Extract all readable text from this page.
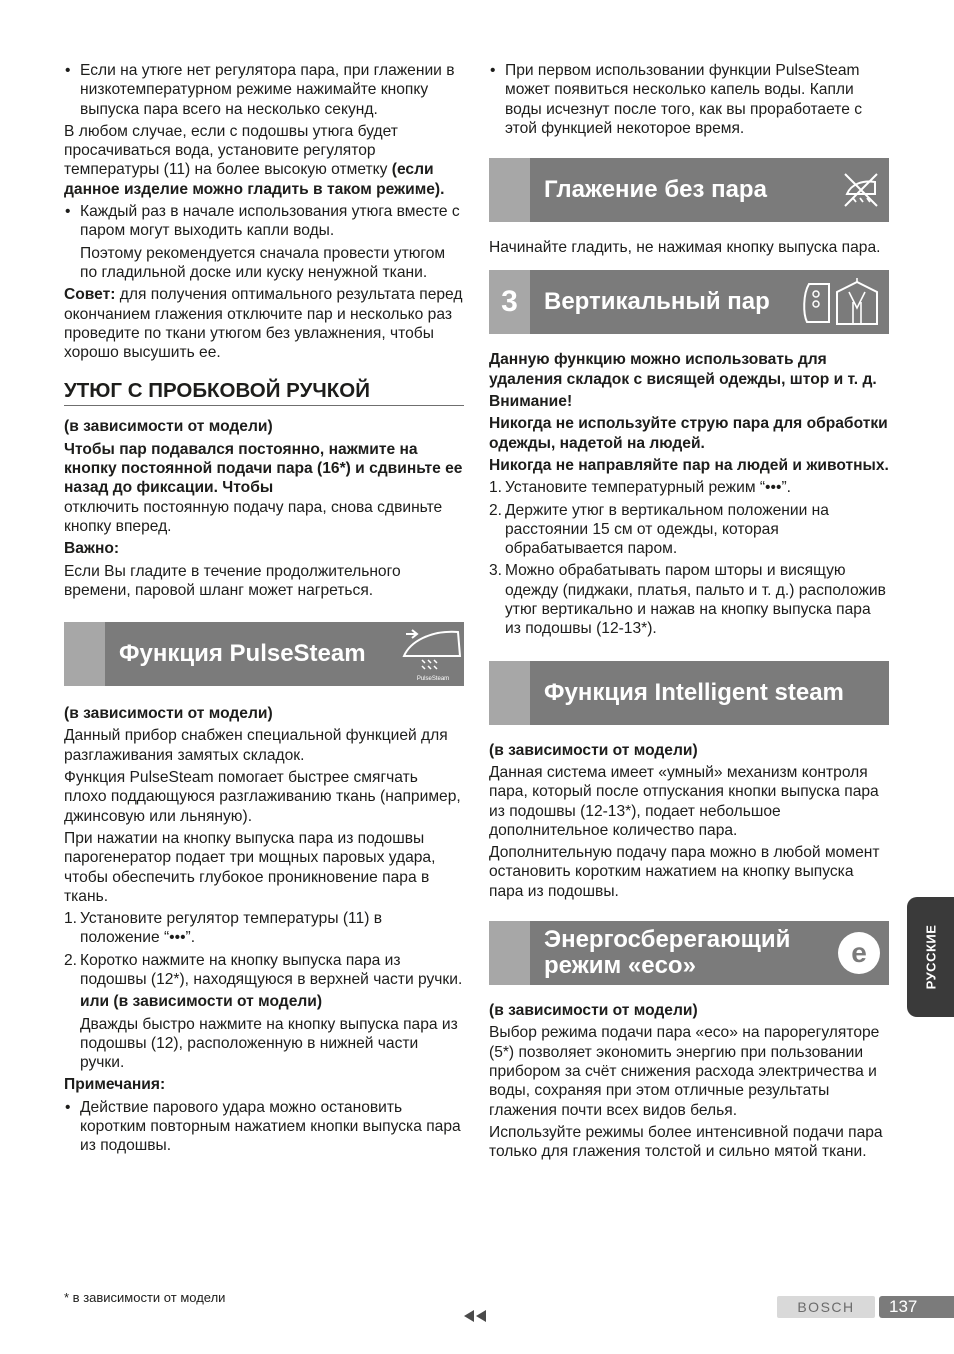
• Если на утюге нет регулятора пара, при глажении в низкотемпературном режиме нажимайте кнопку выпуска пара всего на несколько секунд.

В любом случае, если с подошвы утюга будет просачиваться вода, установите регулятор температуры (11) на более высокую отметку (если данное изделие можно гладить в таком режиме).

• Каждый раз в начале использования утюга вместе с паром могут выходить капли воды.
Поэтому рекомендуется сначала провести утюгом по гладильной доске или куску ненужной ткани.

Совет: для получения оптимального результата перед окончанием глажения отключите пар и несколько раз проведите по ткани утюгом без увлажнения, чтобы хорошо высушить ее.

УТЮГ С ПРОБКОВОЙ РУЧКОЙ

(в зависимости от модели)

Чтобы пар подавался постоянно, нажмите на кнопку постоянной подачи пара (16*) и сдвиньте ее назад до фиксации. Чтобы

отключить постоянную подачу пара, снова сдвиньте кнопку вперед.

Важно:

Если Вы гладите в течение продолжительного времени, паровой шланг может нагреться.

Функция PulseSteam
PulseSteam

(в зависимости от модели)

Данный прибор снабжен специальной функцией для разглаживания замятых складок.

Функция PulseSteam помогает быстрее смягчать плохо поддающуюся разглаживанию ткань (например, джинсовую или льняную).

При нажатии на кнопку выпуска пара из подошвы парогенератор подает три мощных паровых удара, чтобы обеспечить глубокое проникновение пара в ткань.

1. Установите регулятор температуры (11) в положение “•••”.
2. Коротко нажмите на кнопку выпуска пара из подошвы (12*), находящуюся в верхней части ручки.
или (в зависимости от модели)
Дважды быстро нажмите на кнопку выпуска пара из подошвы (12), расположенную в нижней части ручки.

Примечания:

• Действие парового удара можно остановить коротким повторным нажатием кнопки выпуска пара из подошвы.
• При первом использовании функции PulseSteam может появиться несколько капель воды. Капли воды исчезнут после того, как вы проработаете с этой функцией некоторое время.
Глажение без пара

Начинайте гладить, не нажимая кнопку выпуска пара.

3	Вертикальный пар

Данную функцию можно использовать для удаления складок с висящей одежды, штор и т. д.

Внимание!

Никогда не используйте струю пара для обработки одежды, надетой на людей.

Никогда не направляйте пар на людей и животных.

1. Установите температурный режим “•••”.
2. Держите утюг в вертикальном положении на расстоянии 15 см от одежды, которая обрабатывается паром.
3. Можно обрабатывать паром шторы и висящую одежду (пиджаки, платья, пальто и т. д.) расположив утюг вертикально и нажав на кнопку выпуска пара из подошвы (12-13*).
Функция Intelligent steam

(в зависимости от модели)

Данная система имеет «умный» механизм контроля пара, который после отпускания кнопки выпуска пара из подошвы (12-13*), подает небольшое дополнительное количество пара.

Дополнительную подачу пара можно в любой момент остановить коротким нажатием на кнопку выпуска пара из подошвы.

Энергосберегающий
режим «eco»	e

(в зависимости от модели)

Выбор режима подачи пара «eco» на парорегуляторе (5*) позволяет экономить энергию при пользовании прибором за счёт снижения расхода электричества и воды, сохраняя при этом отличные результаты глажения почти всех видов белья.

Используйте режимы более интенсивной подачи пара только для глажения толстой и сильно мятой ткани.

РУССКИЕ
* в зависимости от модели
BOSCH	137
